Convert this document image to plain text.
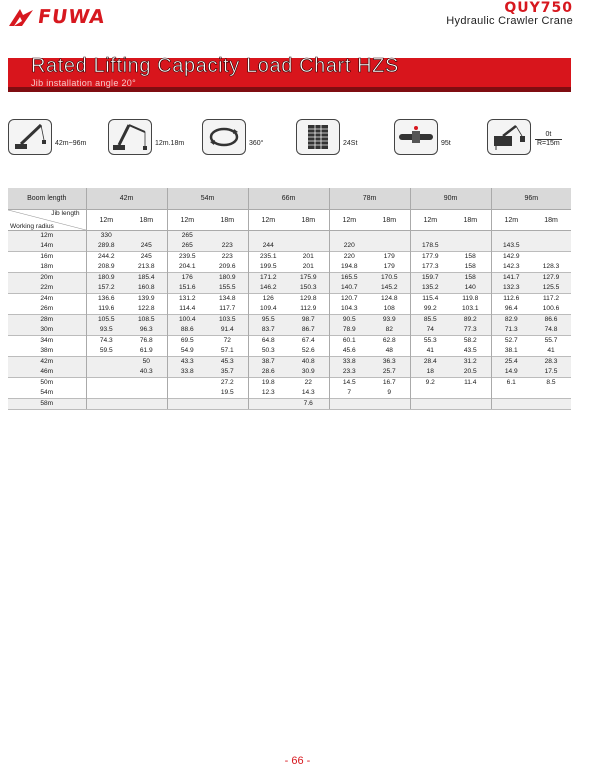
FUWA	QUY750
Hydraulic Crawler Crane
Rated Lifting Capacity Load Chart HZS
Jib installation angle 20°
42m~96m	12m.18m	360°	24St	95t
0t
R=15m
Boom length	42m		54m		66m		78m		90m		96m	

Jib length
Working radius	12m	18m	12m	18m	12m	18m	12m	18m	12m	18m	12m	18m
12m	330		265									
14m	289.8	245	265	223	244		220		178.5		143.5	
16m	244.2	245	239.5	223	235.1	201	220	179	177.9	158	142.9	
18m	208.9	213.8	204.1	209.6	199.5	201	194.8	179	177.3	158	142.3	128.3
20m	180.9	185.4	176	180.9	171.2	175.9	165.5	170.5	159.7	158	141.7	127.9
22m	157.2	160.8	151.6	155.5	146.2	150.3	140.7	145.2	135.2	140	132.3	125.5
24m	136.6	139.9	131.2	134.8	126	129.8	120.7	124.8	115.4	119.8	112.6	117.2
26m	119.6	122.8	114.4	117.7	109.4	112.9	104.3	108	99.2	103.1	96.4	100.6
28m	105.5	108.5	100.4	103.5	95.5	98.7	90.5	93.9	85.5	89.2	82.9	86.6
30m	93.5	96.3	88.6	91.4	83.7	86.7	78.9	82	74	77.3	71.3	74.8
34m	74.3	76.8	69.5	72	64.8	67.4	60.1	62.8	55.3	58.2	52.7	55.7
38m	59.5	61.9	54.9	57.1	50.3	52.6	45.6	48	41	43.5	38.1	41
42m		50	43.3	45.3	38.7	40.8	33.8	36.3	28.4	31.2	25.4	28.3
46m		40.3	33.8	35.7	28.6	30.9	23.3	25.7	18	20.5	14.9	17.5
50m				27.2	19.8	22	14.5	16.7	9.2	11.4	6.1	8.5
54m				19.5	12.3	14.3	7	9				
58m						7.6						
- 66 -
